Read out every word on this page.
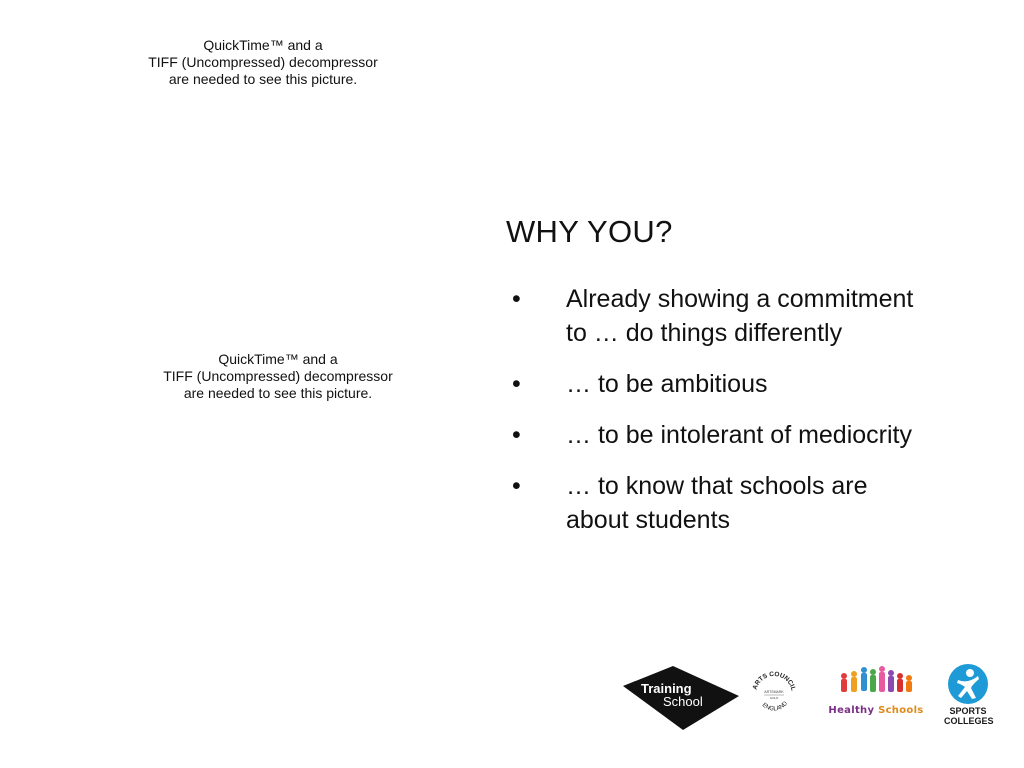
QuickTime™ and a
TIFF (Uncompressed) decompressor
are needed to see this picture.
QuickTime™ and a
TIFF (Uncompressed) decompressor
are needed to see this picture.
WHY YOU?
• Already showing a commitment to … do things differently
• … to be ambitious
• … to be intolerant of mediocrity
• … to know that schools are about students
Training
School
ARTS COUNCIL
ENGLAND
ARTSMARK
GOLD
Healthy Schools	SPORTS
COLLEGES
